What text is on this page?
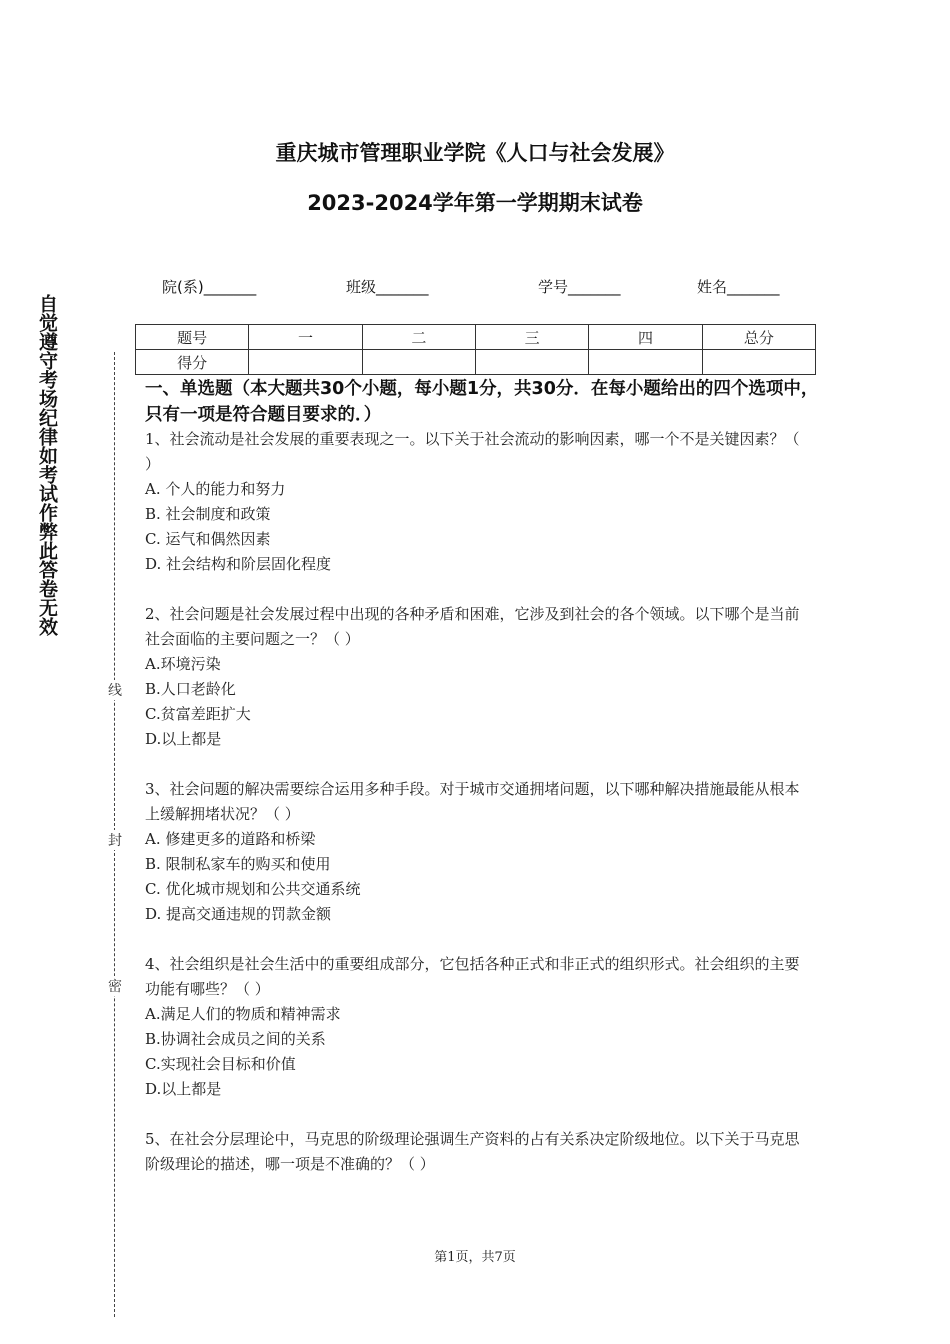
重庆城市管理职业学院《人口与社会发展》
2023-2024学年第一学期期末试卷
自觉遵守考场纪律如考试作弊此答卷无效
线
封
密
院(系)_______	班级_______	学号_______	姓名_______
题号	一	二	三	四	总分
得分					
一、单选题（本大题共30个小题，每小题1分，共30分．在每小题给出的四个选项中，只有一项是符合题目要求的．）
1、社会流动是社会发展的重要表现之一。以下关于社会流动的影响因素，哪一个不是关键因素？（ ）
A. 个人的能力和努力
B. 社会制度和政策
C. 运气和偶然因素
D. 社会结构和阶层固化程度
2、社会问题是社会发展过程中出现的各种矛盾和困难，它涉及到社会的各个领域。以下哪个是当前社会面临的主要问题之一？（ ）
A.环境污染
B.人口老龄化
C.贫富差距扩大
D.以上都是
3、社会问题的解决需要综合运用多种手段。对于城市交通拥堵问题，以下哪种解决措施最能从根本上缓解拥堵状况？（ ）
A. 修建更多的道路和桥梁
B. 限制私家车的购买和使用
C. 优化城市规划和公共交通系统
D. 提高交通违规的罚款金额
4、社会组织是社会生活中的重要组成部分，它包括各种正式和非正式的组织形式。社会组织的主要功能有哪些？（ ）
A.满足人们的物质和精神需求
B.协调社会成员之间的关系
C.实现社会目标和价值
D.以上都是
5、在社会分层理论中，马克思的阶级理论强调生产资料的占有关系决定阶级地位。以下关于马克思阶级理论的描述，哪一项是不准确的？（ ）
第1页，共7页
